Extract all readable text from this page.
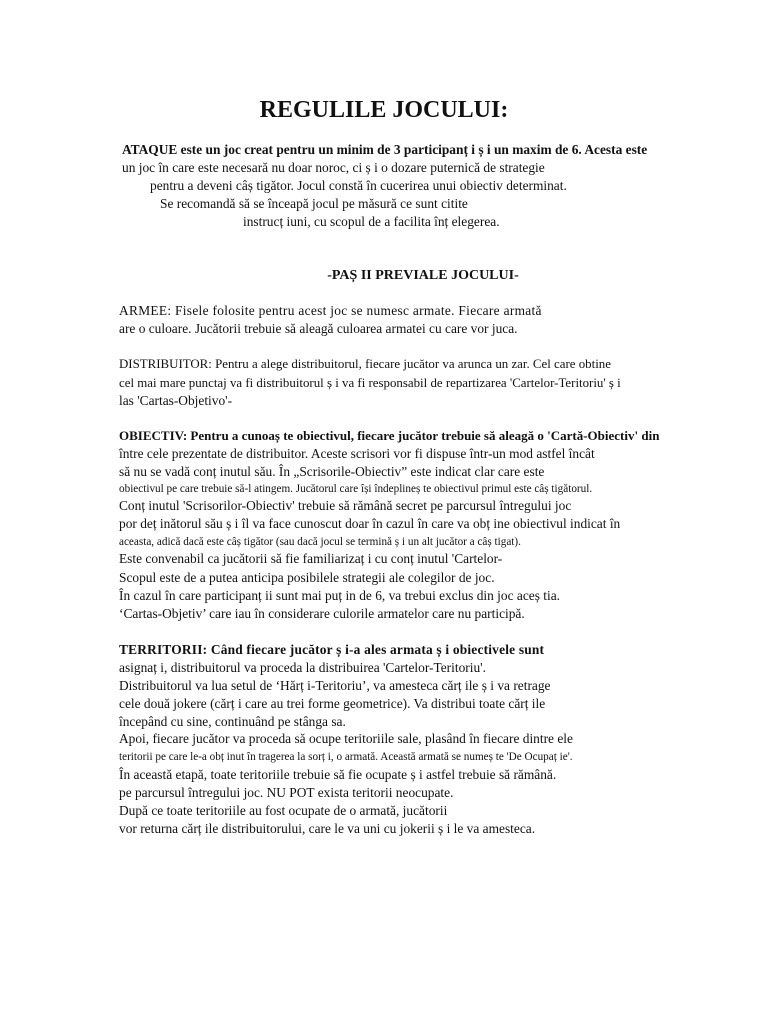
REGULILE JOCULUI:
ATAQUE este un joc creat pentru un minim de 3 participanț i ș i un maxim de 6. Acesta este
un joc în care este necesară nu doar noroc, ci ș i o dozare puternică de strategie
pentru a deveni câș tigător. Jocul constă în cucerirea unui obiectiv determinat.
Se recomandă să se înceapă jocul pe măsură ce sunt citite
instrucț iuni, cu scopul de a facilita înț elegerea.
-PAȘ II PREVIALE JOCULUI-
ARMEE: Fisele folosite pentru acest joc se numesc armate. Fiecare armată
are o culoare. Jucătorii trebuie să aleagă culoarea armatei cu care vor juca.
DISTRIBUITOR: Pentru a alege distribuitorul, fiecare jucător va arunca un zar. Cel care obtine
cel mai mare punctaj va fi distribuitorul ș i va fi responsabil de repartizarea 'Cartelor-Teritoriu' ș i
las 'Cartas-Objetivo'-
OBIECTIV: Pentru a cunoaș te obiectivul, fiecare jucător trebuie să aleagă o 'Cartă-Obiectiv' din
între cele prezentate de distribuitor. Aceste scrisori vor fi dispuse într-un mod astfel încât
să nu se vadă conț inutul său. În „Scrisorile-Obiectiv” este indicat clar care este
obiectivul pe care trebuie să-l atingem. Jucătorul care își îndeplineș te obiectivul primul este câș tigătorul.
Conț inutul 'Scrisorilor-Obiectiv' trebuie să rămână secret pe parcursul întregului joc
por deț inătorul său ș i îl va face cunoscut doar în cazul în care va obț ine obiectivul indicat în
aceasta, adică dacă este câș tigător (sau dacă jocul se termină ș i un alt jucător a câș tigat).
Este convenabil ca jucătorii să fie familiarizaț i cu conț inutul 'Cartelor-
Scopul este de a putea anticipa posibilele strategii ale colegilor de joc.
În cazul în care participanț ii sunt mai puț in de 6, va trebui exclus din joc aceș tia.
‘Cartas-Objetiv’ care iau în considerare culorile armatelor care nu participă.
TERRITORII: Când fiecare jucător ș i-a ales armata ș i obiectivele sunt
asignaț i, distribuitorul va proceda la distribuirea 'Cartelor-Teritoriu'.
Distribuitorul va lua setul de ‘Hărț i-Teritoriu’, va amesteca cărț ile ș i va retrage
cele două jokere (cărț i care au trei forme geometrice). Va distribui toate cărț ile
începând cu sine, continuând pe stânga sa.
Apoi, fiecare jucător va proceda să ocupe teritoriile sale, plasând în fiecare dintre ele
teritorii pe care le-a obț inut în tragerea la sorț i, o armată. Această armată se numeș te 'De Ocupaț ie'.
În această etapă, toate teritoriile trebuie să fie ocupate ș i astfel trebuie să rămână.
pe parcursul întregului joc. NU POT exista teritorii neocupate.
După ce toate teritoriile au fost ocupate de o armată, jucătorii
vor returna cărț ile distribuitorului, care le va uni cu jokerii ș i le va amesteca.
